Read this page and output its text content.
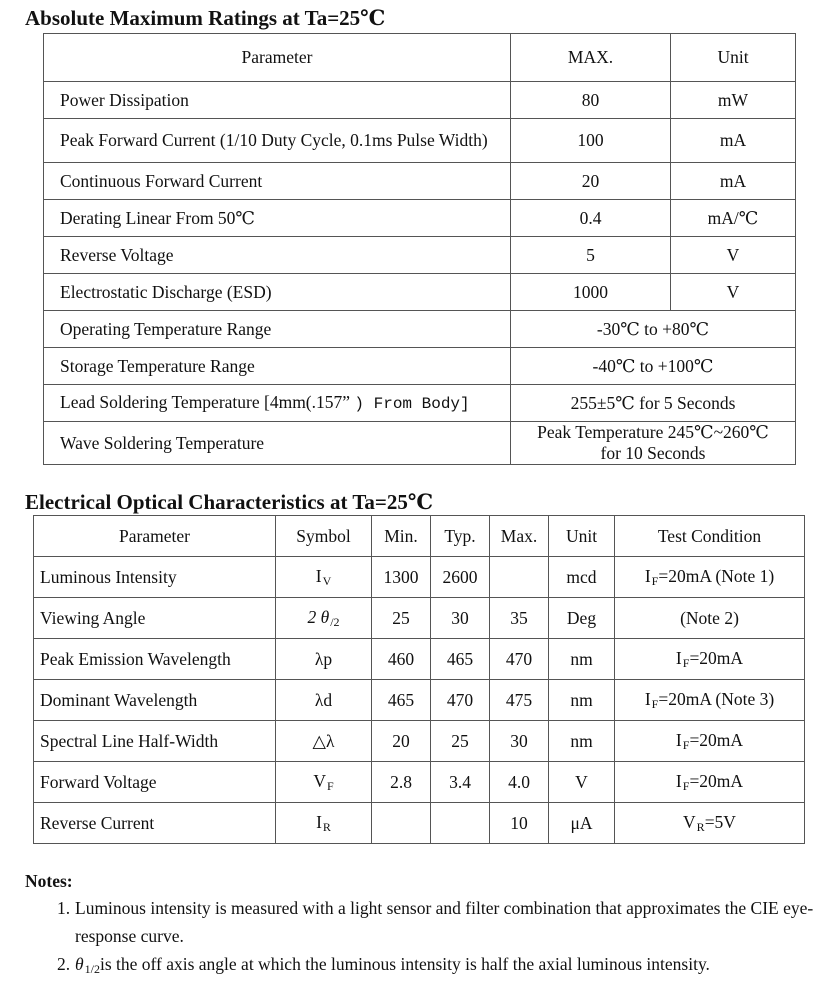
Absolute Maximum Ratings at Ta=25℃
Parameter	MAX.	Unit
Power Dissipation	80	mW
Peak Forward Current (1/10 Duty Cycle, 0.1ms Pulse Width)	100	mA
Continuous Forward Current	20	mA
Derating Linear From 50℃	0.4	mA/℃
Reverse Voltage	5	V
Electrostatic Discharge (ESD)	1000	V
Operating Temperature Range	-30℃ to +80℃	
Storage Temperature Range	-40℃ to +100℃	
Lead Soldering Temperature [4mm(.157” ) From Body]	255±5℃ for 5 Seconds	
Wave Soldering Temperature	Peak Temperature 245℃~260℃
for 10 Seconds	
Electrical Optical Characteristics at Ta=25℃
Parameter	Symbol	Min.	Typ.	Max.	Unit	Test Condition
Luminous Intensity	IV	1300	2600		mcd	IF=20mA (Note 1)
Viewing Angle	2 θ/2	25	30	35	Deg	(Note 2)
Peak Emission Wavelength	λp	460	465	470	nm	IF=20mA
Dominant Wavelength	λd	465	470	475	nm	IF=20mA (Note 3)
Spectral Line Half-Width	△λ	20	25	30	nm	IF=20mA
Forward Voltage	VF	2.8	3.4	4.0	V	IF=20mA
Reverse Current	IR			10	μA	VR=5V
Notes:
1. Luminous intensity is measured with a light sensor and filter combination that approximates the CIE eye-response curve.
2. θ1/2is the off axis angle at which the luminous intensity is half the axial luminous intensity.
